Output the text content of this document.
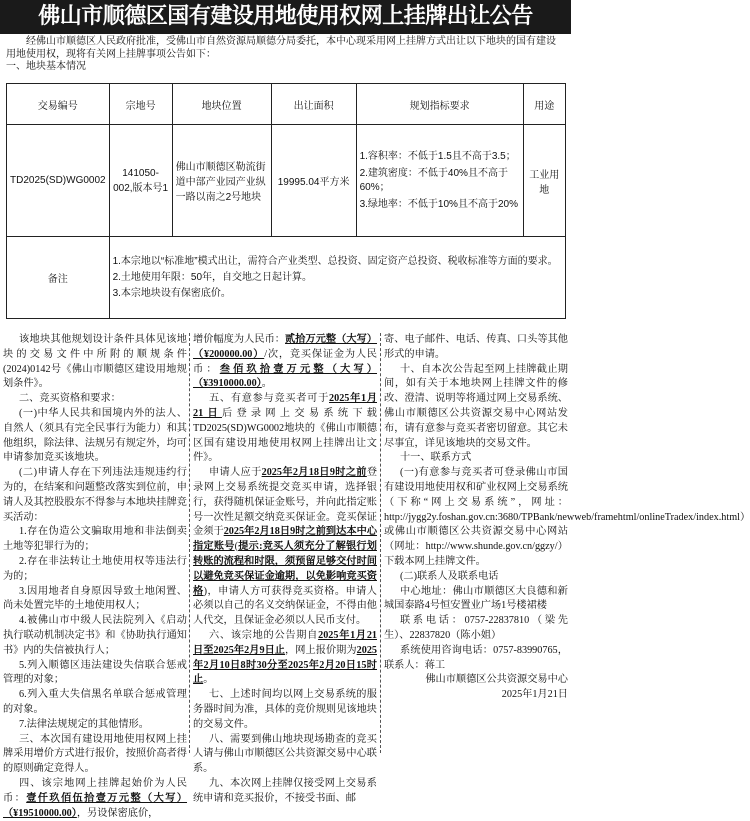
佛山市顺德区国有建设用地使用权网上挂牌出让公告

经佛山市顺德区人民政府批准，受佛山市自然资源局顺德分局委托，本中心现采用网上挂牌方式出让以下地块的国有建设用地使用权，现将有关网上挂牌事项公告如下：

一、地块基本情况

交易编号	宗地号	地块位置	出让面积	规划指标要求	用途
TD2025(SD)WG0002	141050-002,版本号1	佛山市顺德区勒流街道中部产业园产业纵一路以南之2号地块	19995.04平方米	1.容积率：不低于1.5且不高于3.5；

2.建筑密度：不低于40%且不高于60%；

3.绿地率：不低于10%且不高于20%	工业用地
备注	1.本宗地以“标准地”模式出让，需符合产业类型、总投资、固定资产总投资、税收标准等方面的要求。

2.土地使用年限：50年，自交地之日起计算。

3.本宗地块设有保密底价。				

该地块其他规划设计条件具体见该地块的交易文件中所附的顺规条件(2024)0142号《佛山市顺德区建设用地规划条件》。

二、竞买资格和要求：

(一)中华人民共和国境内外的法人、自然人（须具有完全民事行为能力）和其他组织，除法律、法规另有规定外，均可申请参加竞买该地块。

(二)申请人存在下列违法违规违约行为的，在结案和问题整改落实到位前，申请人及其控股股东不得参与本地块挂牌竞买活动：

1.存在伪造公文骗取用地和非法倒卖土地等犯罪行为的；

2.存在非法转让土地使用权等违法行为的；

3.因用地者自身原因导致土地闲置、尚未处置完毕的土地使用权人；

4.被佛山市中级人民法院列入《启动执行联动机制决定书》和《协助执行通知书》内的失信被执行人；

5.列入顺德区违法建设失信联合惩戒管理的对象；

6.列入重大失信黑名单联合惩戒管理的对象。

7.法律法规规定的其他情形。

三、本次国有建设用地使用权网上挂牌采用增价方式进行报价，按照价高者得的原则确定竞得人。

四、该宗地网上挂牌起始价为人民币：壹仟玖佰伍拾壹万元整（大写）（¥19510000.00），另设保密底价，

增价幅度为人民币：贰拾万元整（大写）（¥200000.00）/次，竞买保证金为人民币：叁佰玖拾壹万元整（大写）（¥3910000.00）。

五、有意参与竞买者可于2025年1月21日后登录网上交易系统下载TD2025(SD)WG0002地块的《佛山市顺德区国有建设用地使用权网上挂牌出让文件》。

申请人应于2025年2月18日9时之前登录网上交易系统提交竞买申请，选择银行，获得随机保证金账号，并向此指定账号一次性足额交纳竞买保证金。竞买保证金须于2025年2月18日9时之前到达本中心指定账号(提示:竞买人须充分了解银行划转账的流程和时限，须预留足够交付时间以避免竞买保证金逾期，以免影响竞买资格)，申请人方可获得竞买资格。申请人必须以自己的名义交纳保证金，不得由他人代交，且保证金必须以人民币支付。

六、该宗地的公告期自2025年1月21日至2025年2月9日止，网上报价期为2025年2月10日8时30分至2025年2月20日15时止。

七、上述时间均以网上交易系统的服务器时间为准，具体的竞价规则见该地块的交易文件。

八、需要到佛山地块现场勘查的竞买人请与佛山市顺德区公共资源交易中心联系。

九、本次网上挂牌仅接受网上交易系统申请和竞买报价，不接受书面、邮

寄、电子邮件、电话、传真、口头等其他形式的申请。

十、自本次公告起至网上挂牌截止期间，如有关于本地块网上挂牌文件的修改、澄清、说明等将通过网上交易系统、佛山市顺德区公共资源交易中心网站发布，请有意参与竞买者密切留意。其它未尽事宜，详见该地块的交易文件。

十一、联系方式

(一)有意参与竞买者可登录佛山市国有建设用地使用权和矿业权网上交易系统（下称“网上交易系统”，网址：http://jygg2y.foshan.gov.cn:3680/TPBank/newweb/framehtml/onlineTradex/index.html）或佛山市顺德区公共资源交易中心网站（网址：http://www.shunde.gov.cn/ggzy/）下载本网上挂牌文件。

(二)联系人及联系电话

中心地址：佛山市顺德区大良德和新城国泰路4号恒安置业广场1号楼裙楼

联系电话：0757-22837810（梁先生）、22837820（陈小姐）

系统使用咨询电话：0757-83990765，联系人：蒋工

佛山市顺德区公共资源交易中心

2025年1月21日
